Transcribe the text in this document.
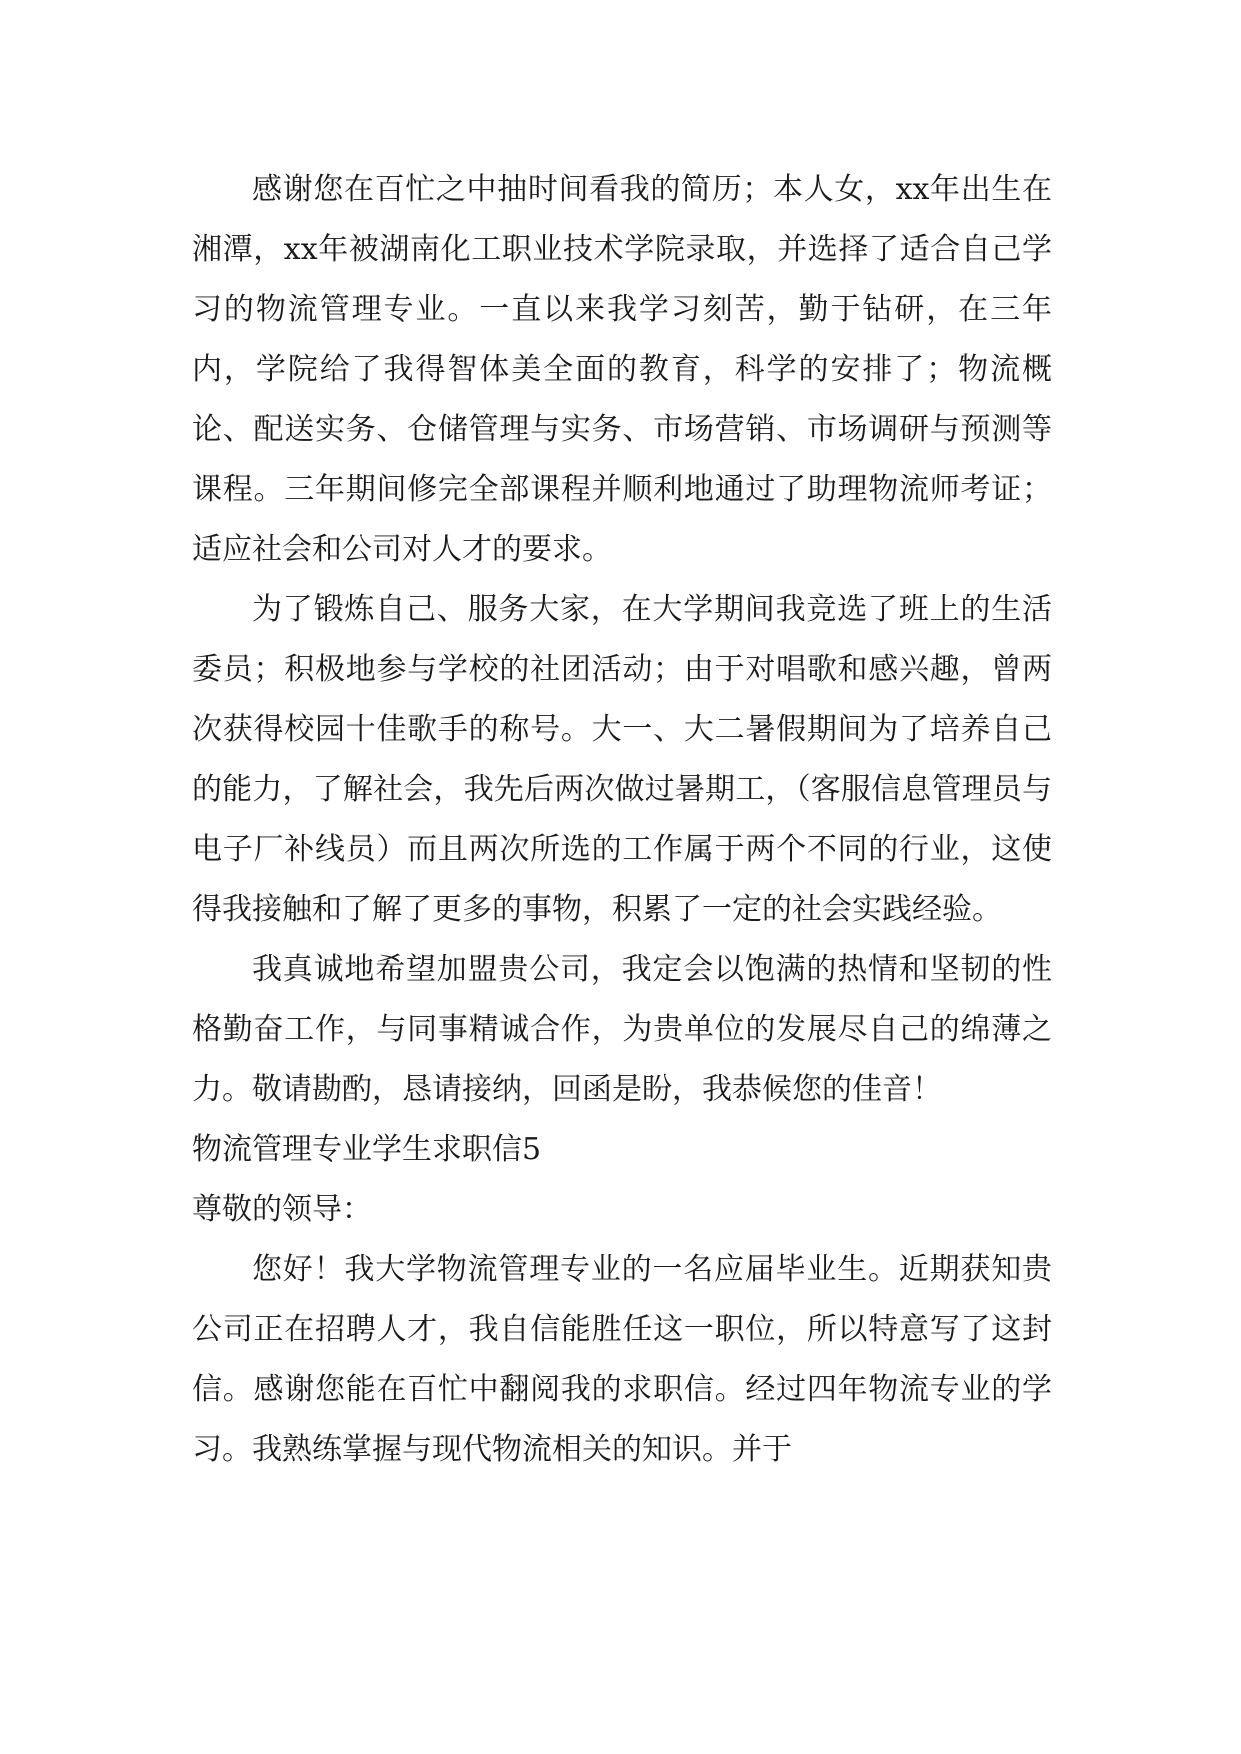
感谢您在百忙之中抽时间看我的简历；本人女，xx年出生在湘潭，xx年被湖南化工职业技术学院录取，并选择了适合自己学习的物流管理专业。一直以来我学习刻苦，勤于钻研，在三年内，学院给了我得智体美全面的教育，科学的安排了；物流概论、配送实务、仓储管理与实务、市场营销、市场调研与预测等课程。三年期间修完全部课程并顺利地通过了助理物流师考证；适应社会和公司对人才的要求。

为了锻炼自己、服务大家，在大学期间我竞选了班上的生活委员；积极地参与学校的社团活动；由于对唱歌和感兴趣，曾两次获得校园十佳歌手的称号。大一、大二暑假期间为了培养自己的能力，了解社会，我先后两次做过暑期工，（客服信息管理员与电子厂补线员）而且两次所选的工作属于两个不同的行业，这使得我接触和了解了更多的事物，积累了一定的社会实践经验。

我真诚地希望加盟贵公司，我定会以饱满的热情和坚韧的性格勤奋工作，与同事精诚合作，为贵单位的发展尽自己的绵薄之力。敬请勘酌，恳请接纳，回函是盼，我恭候您的佳音！

物流管理专业学生求职信5

尊敬的领导：

您好！我大学物流管理专业的一名应届毕业生。近期获知贵公司正在招聘人才，我自信能胜任这一职位，所以特意写了这封信。感谢您能在百忙中翻阅我的求职信。经过四年物流专业的学习。我熟练掌握与现代物流相关的知识。并于
